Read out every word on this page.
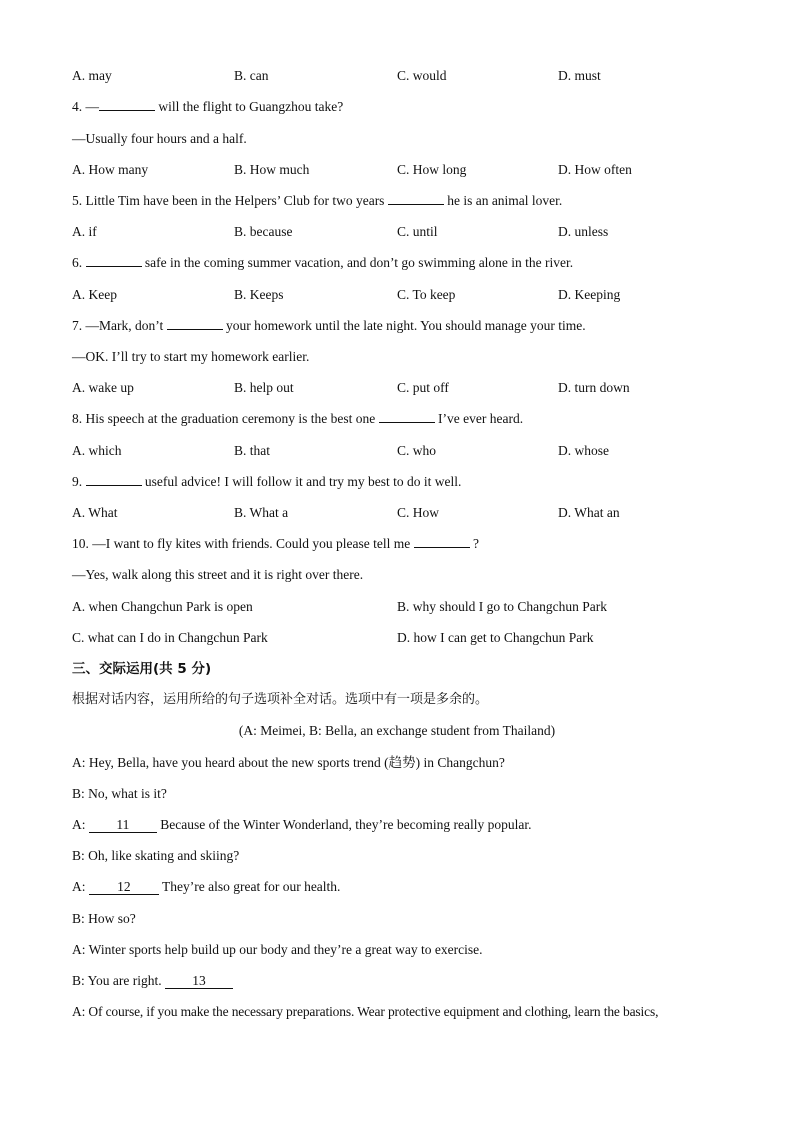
A. may	B. can	C. would	D. must
4. —	will the flight to Guangzhou take?
—Usually four hours and a half.
A. How many	B. How much	C. How long	D. How often
5. Little Tim have been in the Helpers’ Club for two years	he is an animal lover.
A. if	B. because	C. until	D. unless
6.	safe in the coming summer vacation, and don’t go swimming alone in the river.
A. Keep	B. Keeps	C. To keep	D. Keeping
7. —Mark, don’t	your homework until the late night. You should manage your time.
—OK. I’ll try to start my homework earlier.
A. wake up	B. help out	C. put off	D. turn down
8. His speech at the graduation ceremony is the best one	I’ve ever heard.
A. which	B. that	C. who	D. whose
9.	useful advice! I will follow it and try my best to do it well.
A. What	B. What a	C. How	D. What an
10. —I want to fly kites with friends. Could you please tell me	?
—Yes, walk along this street and it is right over there.
A. when Changchun Park is open	B. why should I go to Changchun Park
C. what can I do in Changchun Park	D. how I can get to Changchun Park
三、交际运用(共 5 分)
根据对话内容，运用所给的句子选项补全对话。选项中有一项是多余的。
(A: Meimei, B: Bella, an exchange student from Thailand)
A: Hey, Bella, have you heard about the new sports trend (趋势) in Changchun?
B: No, what is it?
A: 11 Because of the Winter Wonderland, they’re becoming really popular.
B: Oh, like skating and skiing?
A: 12 They’re also great for our health.
B: How so?
A: Winter sports help build up our body and they’re a great way to exercise.
B: You are right. 13
A: Of course, if you make the necessary preparations. Wear protective equipment and clothing, learn the basics,
